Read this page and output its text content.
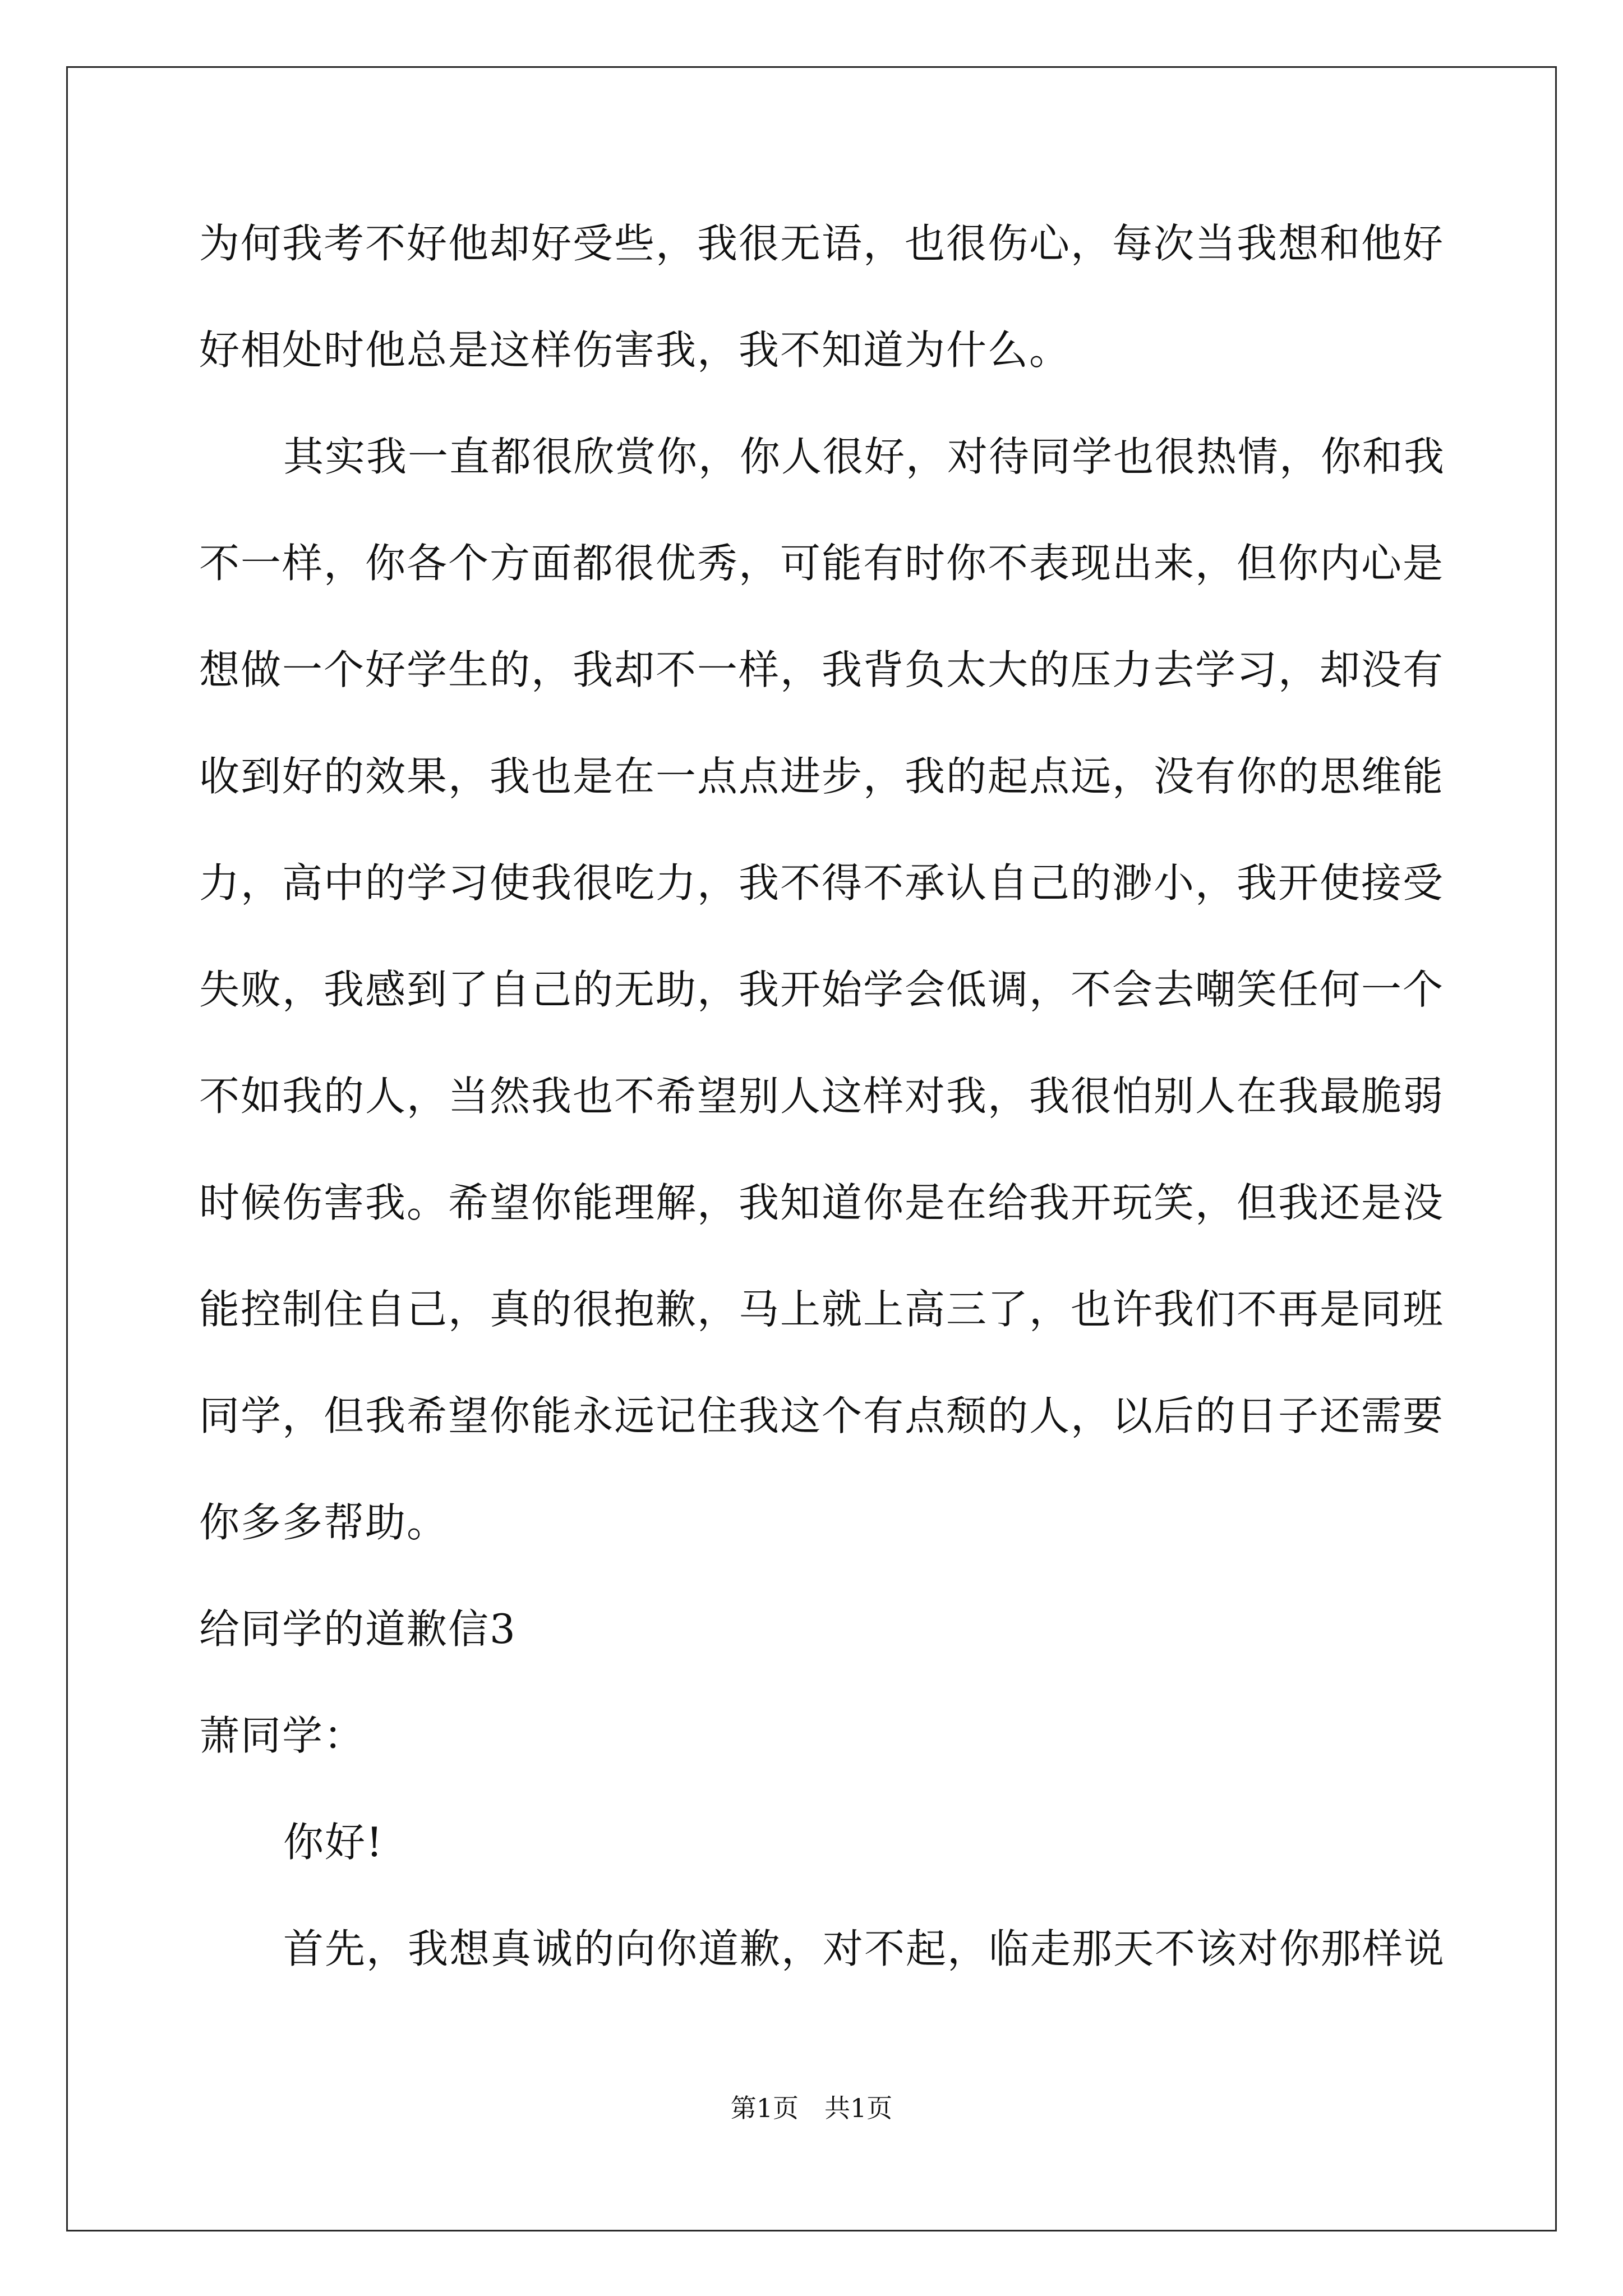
为何我考不好他却好受些，我很无语，也很伤心，每次当我想和他好
好相处时他总是这样伤害我，我不知道为什么。
其实我一直都很欣赏你，你人很好，对待同学也很热情，你和我
不一样，你各个方面都很优秀，可能有时你不表现出来，但你内心是
想做一个好学生的，我却不一样，我背负太大的压力去学习，却没有
收到好的效果，我也是在一点点进步，我的起点远，没有你的思维能
力，高中的学习使我很吃力，我不得不承认自己的渺小，我开使接受
失败，我感到了自己的无助，我开始学会低调，不会去嘲笑任何一个
不如我的人，当然我也不希望别人这样对我，我很怕别人在我最脆弱
时候伤害我。希望你能理解，我知道你是在给我开玩笑，但我还是没
能控制住自己，真的很抱歉，马上就上高三了，也许我们不再是同班
同学，但我希望你能永远记住我这个有点颓的人，以后的日子还需要
你多多帮助。
给同学的道歉信3
萧同学：
你好!
首先，我想真诚的向你道歉，对不起，临走那天不该对你那样说
第1页　共1页
